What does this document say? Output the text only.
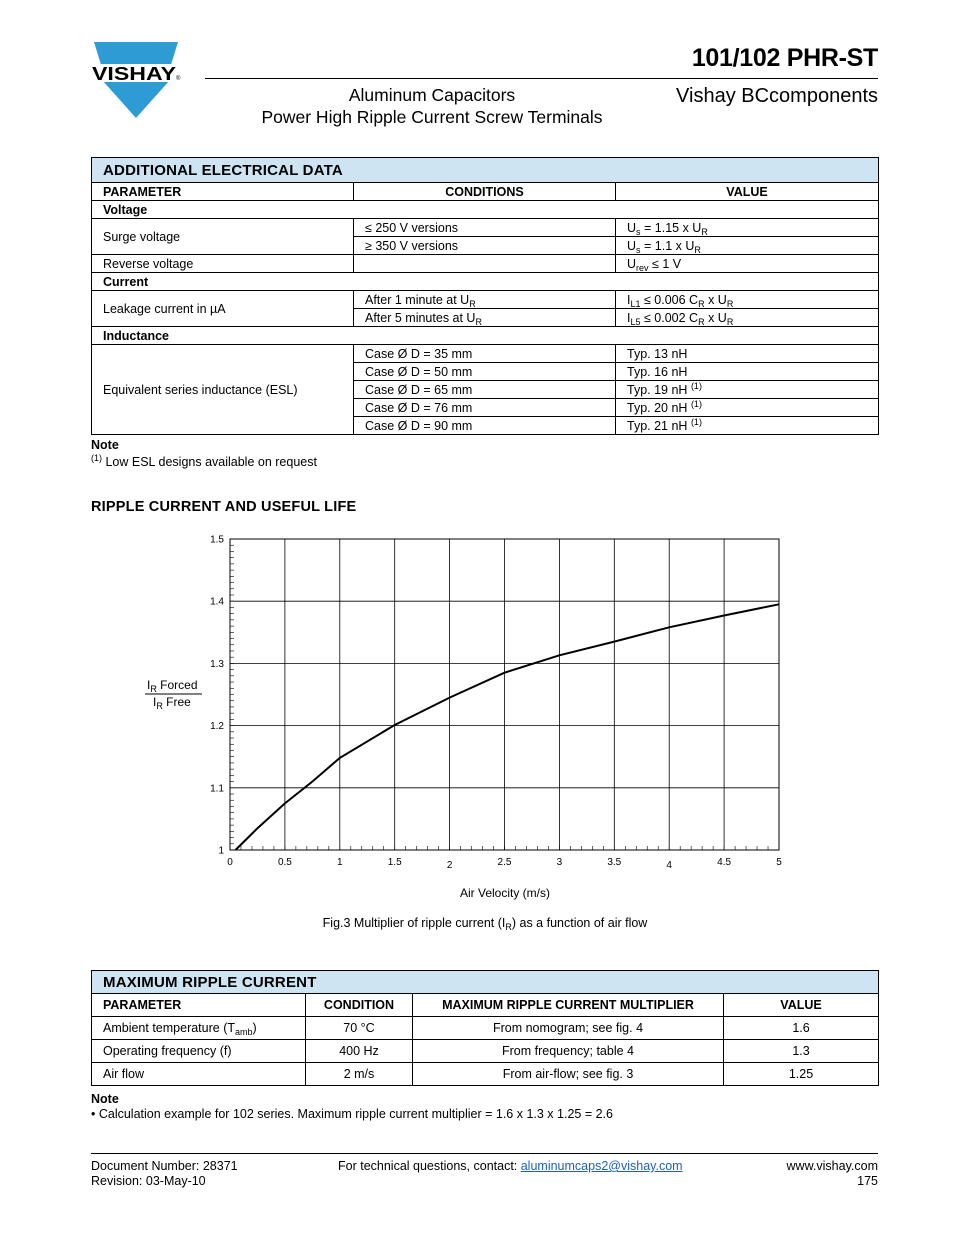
VISHAY ®
101/102 PHR-ST
Aluminum Capacitors
Power High Ripple Current Screw Terminals
Vishay BCcomponents
ADDITIONAL ELECTRICAL DATA		
PARAMETER	CONDITIONS	VALUE
Voltage		
Surge voltage	≤ 250 V versions	$U_s = 1.15$ x $U_R$
	≥ 350 V versions	$U_s = 1.1$ x $U_R$
Reverse voltage		$U_{rev} \le 1$ V
Current		
Leakage current in µA	After 1 minute at $U_R$	$I_{L1} \le 0.006$ $C_R$ x $U_R$
	After 5 minutes at $U_R$	$I_{L5} \le 0.002$ $C_R$ x $U_R$
Inductance		
Equivalent series inductance (ESL)	Case Ø D = 35 mm	Typ. 13 nH
	Case Ø D = 50 mm	Typ. 16 nH
	Case Ø D = 65 mm	Typ. 19 nH $^{(1)}$
	Case Ø D = 76 mm	Typ. 20 nH $^{(1)}$
	Case Ø D = 90 mm	Typ. 21 nH $^{(1)}$
Note
$^{(1)}$ Low ESL designs available on request
RIPPLE CURRENT AND USEFUL LIFE
0	0.5	1	1.5	2	2.5	3	3.5	4	4.5	5
1
1.1
1.2
1.3
1.4
1.5
$I_R$ Forced
$I_R$ Free
Air Velocity (m/s)
Fig.3 Multiplier of ripple current $(I_R)$ as a function of air flow
MAXIMUM RIPPLE CURRENT			
PARAMETER	CONDITION	MAXIMUM RIPPLE CURRENT MULTIPLIER	VALUE
Ambient temperature $(T_{amb})$	70 °C	From nomogram; see fig. 4	1.6
Operating frequency (f)	400 Hz	From frequency; table 4	1.3
Air flow	2 m/s	From air-flow; see fig. 3	1.25
Note
• Calculation example for 102 series. Maximum ripple current multiplier = 1.6 x 1.3 x 1.25 = 2.6
Document Number: 28371
Revision: 03-May-10
For technical questions, contact: aluminumcaps2@vishay.com	www.vishay.com
175
